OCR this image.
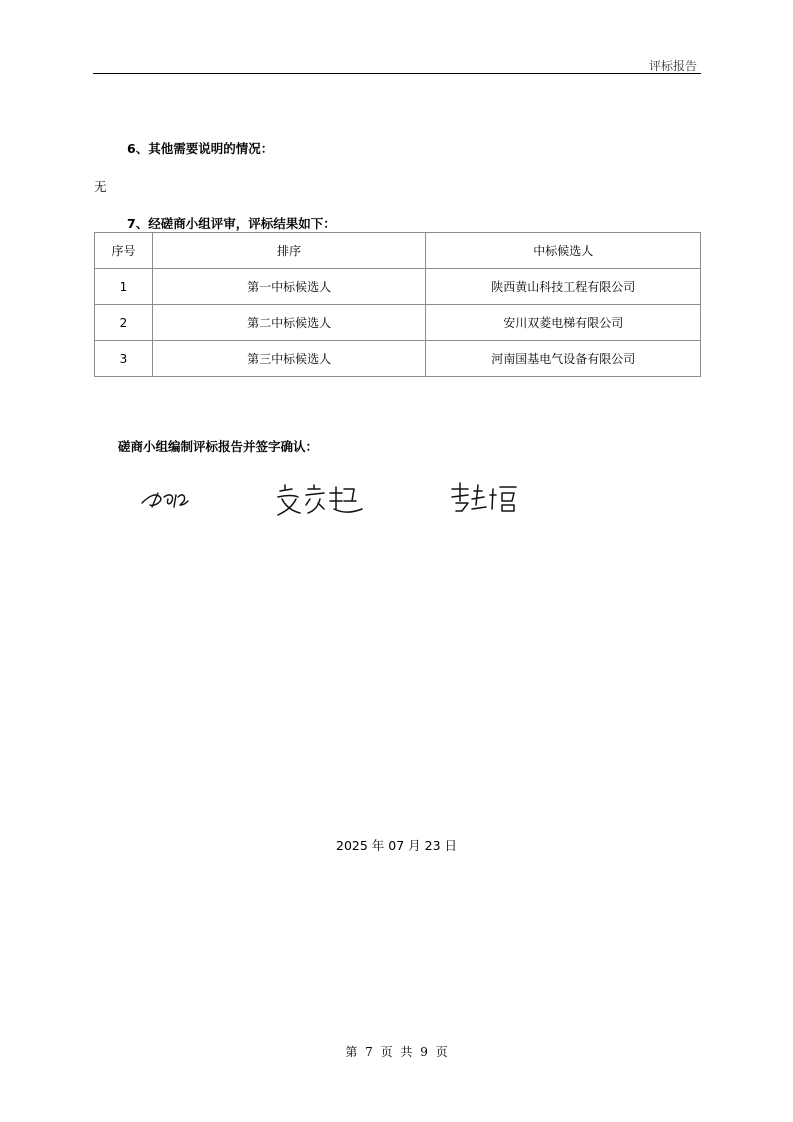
评标报告
6、其他需要说明的情况：
无
7、经磋商小组评审，评标结果如下：
序号	排序	中标候选人
1	第一中标候选人	陕西黄山科技工程有限公司
2	第二中标候选人	安川双菱电梯有限公司
3	第三中标候选人	河南国基电气设备有限公司
磋商小组编制评标报告并签字确认：
2025 年 07 月 23 日
第 7 页 共 9 页
